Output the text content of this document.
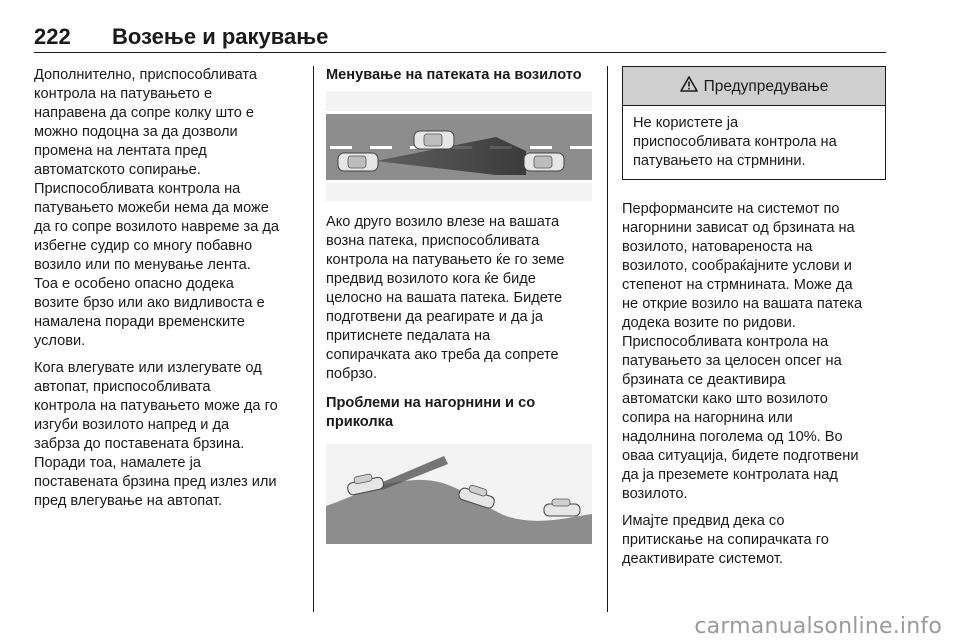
222 Возење и ракување

Дополнително, приспособливата
контрола на патувањето е
направена да сопре колку што е
можно подоцна за да дозволи
промена на лентата пред
автоматското сопирање.
Приспособливата контрола на
патувањето можеби нема да може
да го сопре возилото навреме за да
избегне судир со многу побавно
возило или по менување лента.
Тоа е особено опасно додека
возите брзо или ако видливоста е
намалена поради временските
услови.

Кога влегувате или излегувате од
автопат, приспособливата
контрола на патувањето може да го
изгуби возилото напред и да
забрза до поставената брзина.
Поради тоа, намалете ја
поставената брзина пред излез или
пред влегување на автопат.

Менување на патеката на возилото

Ако друго возило влезе на вашата
возна патека, приспособливата
контрола на патувањето ќе го земе
предвид возилото кога ќе биде
целосно на вашата патека. Бидете
подготвени да реагирате и да ја
притиснете педалата на
сопирачката ако треба да сопрете
побрзо.

Проблеми на нагорнини и со
приколка
Предупредување
Не користете ја
приспособливата контрола на
патувањето на стрмнини.

Перформансите на системот по
нагорнини зависат од брзината на
возилото, натовареноста на
возилото, сообраќајните услови и
степенот на стрмнината. Може да
не открие возило на вашата патека
додека возите по ридови.
Приспособливата контрола на
патувањето за целосен опсег на
брзината се деактивира
автоматски како што возилото
сопира на нагорнина или
надолнина поголема од 10%. Во
оваа ситуација, бидете подготвени
да ја преземете контролата над
возилото.

Имајте предвид дека со
притискање на сопирачката го
деактивирате системот.

carmanualsonline.info
